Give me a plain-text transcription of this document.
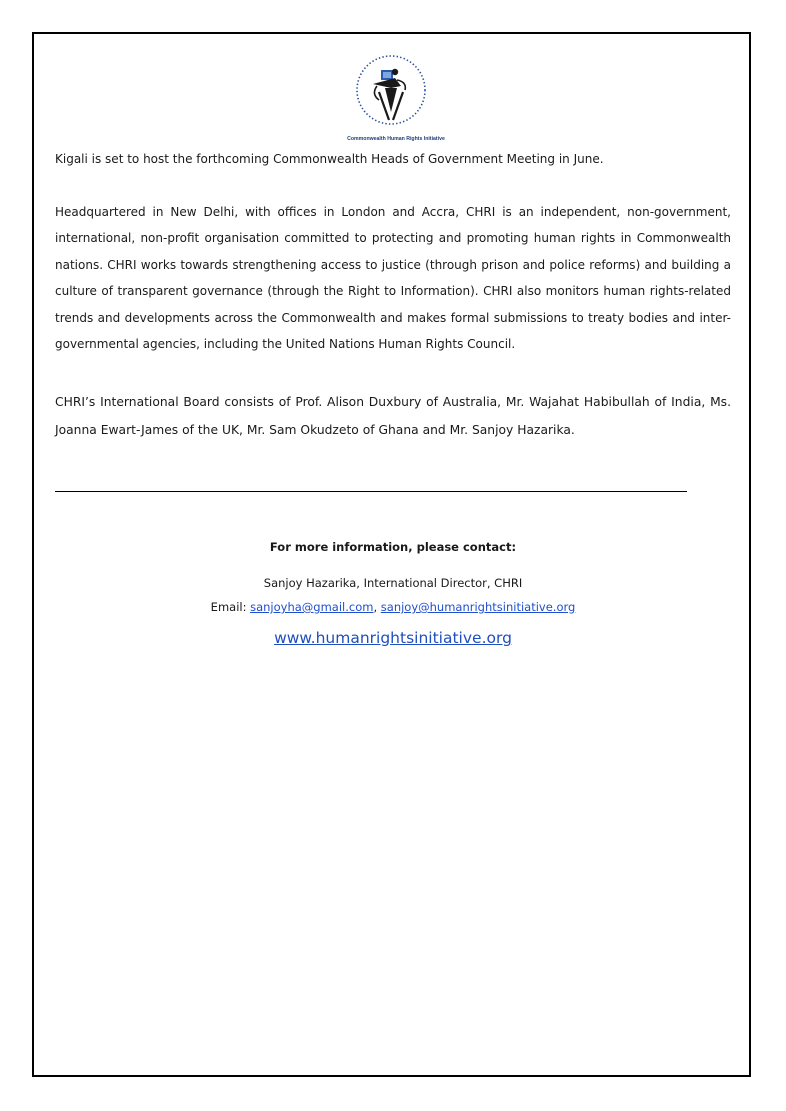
Commonwealth Human Rights Initiative

Kigali is set to host the forthcoming Commonwealth Heads of Government Meeting in June.

Headquartered in New Delhi, with offices in London and Accra, CHRI is an independent, non-government, international, non-profit organisation committed to protecting and promoting human rights in Commonwealth nations. CHRI works towards strengthening access to justice (through prison and police reforms) and building a culture of transparent governance (through the Right to Information). CHRI also monitors human rights-related trends and developments across the Commonwealth and makes formal submissions to treaty bodies and inter-governmental agencies, including the United Nations Human Rights Council.

CHRI’s International Board consists of Prof. Alison Duxbury of Australia, Mr. Wajahat Habibullah of India, Ms. Joanna Ewart-James of the UK, Mr. Sam Okudzeto of Ghana and Mr. Sanjoy Hazarika.

For more information, please contact:

Sanjoy Hazarika, International Director, CHRI

Email: sanjoyha@gmail.com, sanjoy@humanrightsinitiative.org

www.humanrightsinitiative.org
